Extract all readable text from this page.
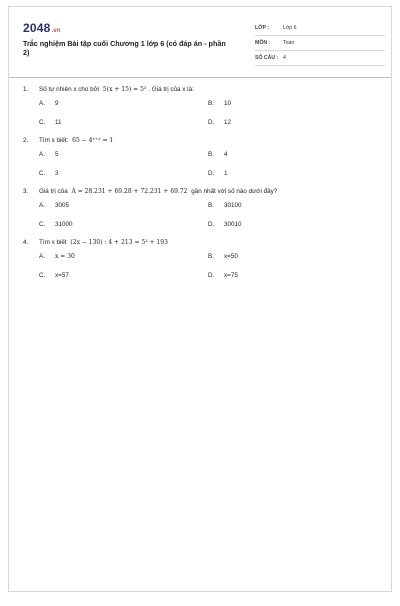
2048.vn
Trắc nghiệm Bài tập cuối Chương 1 lớp 6 (có đáp án - phần 2)
LỚP :	Lớp 6
MÔN :	Toán
SỐ CÂU : 4
1.	Số tự nhiên x cho bởi 5(x + 15) = 5³ . Giá trị của x là:
A.	9	B.	10
C.	11	D.	12
2.	Tìm x biết: 65 − 4ˣ⁺² = 1
A.	5	B.	4
C.	3	D.	1
3.	Giá trị của A = 28.231 + 69.28 + 72.231 + 69.72 gần nhất với số nào dưới đây?
A.	3005	B.	30100
C.	31000	D.	30010
4.	Tìm x biết (2x − 130) : 4 + 213 = 5² + 193
A.	x = 30	B.	x=50
C.	x=57	D.	x=75
